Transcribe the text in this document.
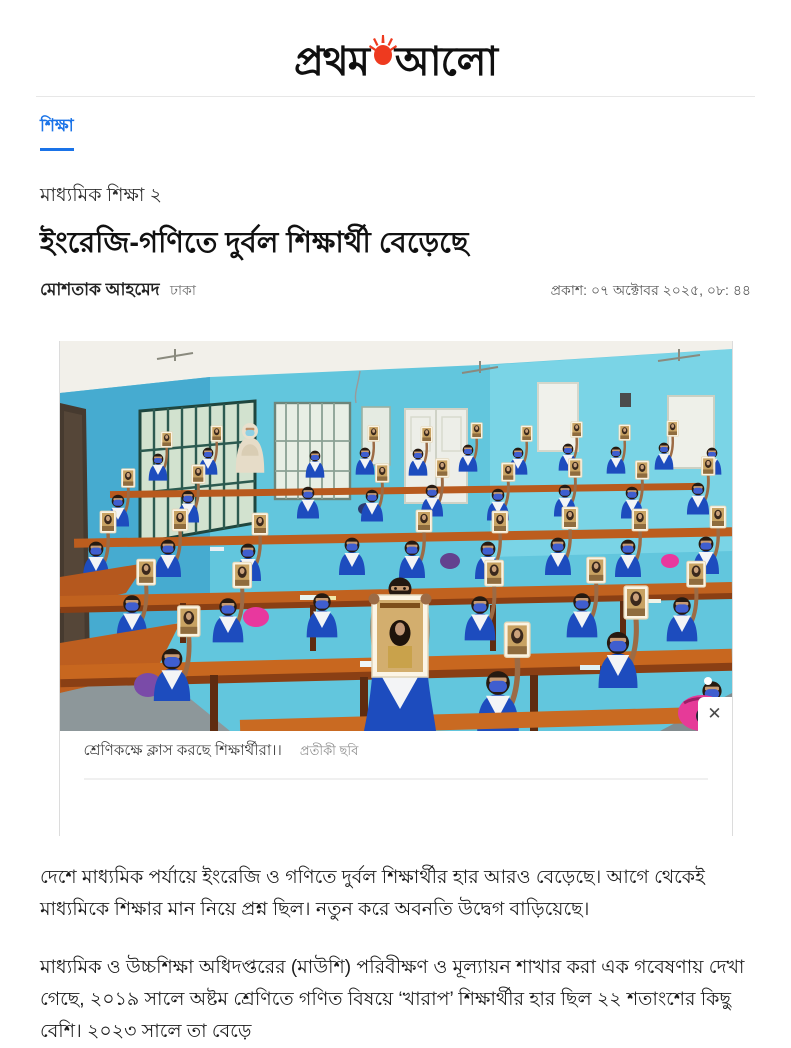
প্রথম আলো
শিক্ষা
মাধ্যমিক শিক্ষা ২
ইংরেজি-গণিতে দুর্বল শিক্ষার্থী বেড়েছে
মোশতাক আহমেদ ঢাকা	প্রকাশ: ০৭ অক্টোবর ২০২৫, ০৮: ৪৪
✕
শ্রেণিকক্ষে ক্লাস করছে শিক্ষার্থীরা।। প্রতীকী ছবি

দেশে মাধ্যমিক পর্যায়ে ইংরেজি ও গণিতে দুর্বল শিক্ষার্থীর হার আরও বেড়েছে। আগে থেকেই মাধ্যমিকে শিক্ষার মান নিয়ে প্রশ্ন ছিল। নতুন করে অবনতি উদ্বেগ বাড়িয়েছে।

মাধ্যমিক ও উচ্চশিক্ষা অধিদপ্তরের (মাউশি) পরিবীক্ষণ ও মূল্যায়ন শাখার করা এক গবেষণায় দেখা গেছে, ২০১৯ সালে অষ্টম শ্রেণিতে গণিত বিষয়ে ‘খারাপ’ শিক্ষার্থীর হার ছিল ২২ শতাংশের কিছু বেশি। ২০২৩ সালে তা বেড়ে
